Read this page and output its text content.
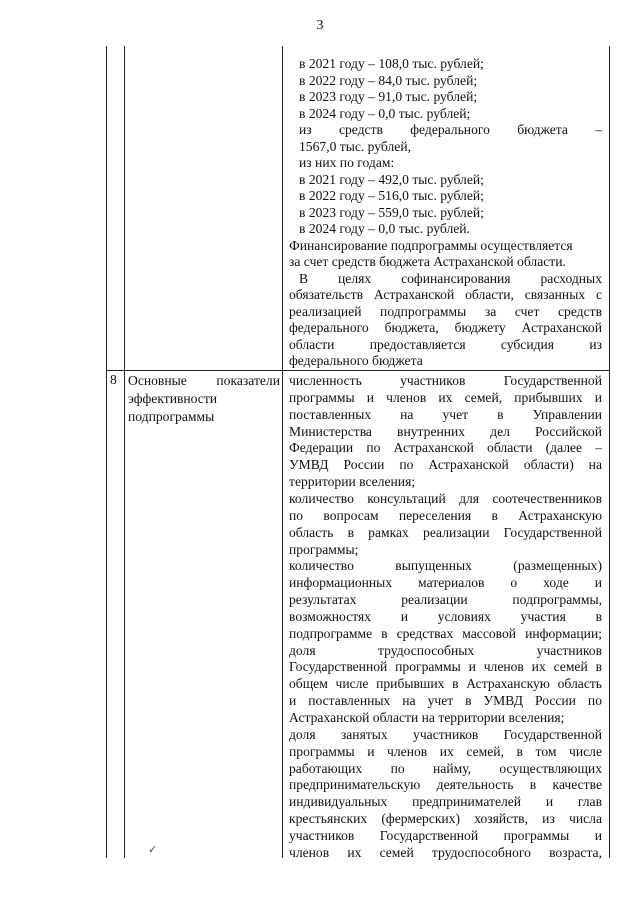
3
в 2021 году – 108,0 тыс. рублей;
в 2022 году – 84,0 тыс. рублей;
в 2023 году – 91,0 тыс. рублей;
в 2024 году – 0,0 тыс. рублей;
из средств федерального бюджета –
1567,0 тыс. рублей,
из них по годам:
в 2021 году – 492,0 тыс. рублей;
в 2022 году – 516,0 тыс. рублей;
в 2023 году – 559,0 тыс. рублей;
в 2024 году – 0,0 тыс. рублей.
Финансирование подпрограммы осуществляется
за счет средств бюджета Астраханской области.
В целях софинансирования расходных
обязательств Астраханской области, связанных с
реализацией подпрограммы за счет средств
федерального бюджета, бюджету Астраханской
области предоставляется субсидия из
федерального бюджета
8 Основные показатели
эффективности
подпрограммы
численность участников Государственной
программы и членов их семей, прибывших и
поставленных на учет в Управлении
Министерства внутренних дел Российской
Федерации по Астраханской области (далее –
УМВД России по Астраханской области) на
территории вселения;
количество консультаций для соотечественников
по вопросам переселения в Астраханскую
область в рамках реализации Государственной
программы;
количество выпущенных (размещенных)
информационных материалов о ходе и
результатах реализации подпрограммы,
возможностях и условиях участия в
подпрограмме в средствах массовой информации;
доля трудоспособных участников
Государственной программы и членов их семей в
общем числе прибывших в Астраханскую область
и поставленных на учет в УМВД России по
Астраханской области на территории вселения;
доля занятых участников Государственной
программы и членов их семей, в том числе
работающих по найму, осуществляющих
предпринимательскую деятельность в качестве
индивидуальных предпринимателей и глав
крестьянских (фермерских) хозяйств, из числа
участников Государственной программы и
членов их семей трудоспособного возраста,
✓
